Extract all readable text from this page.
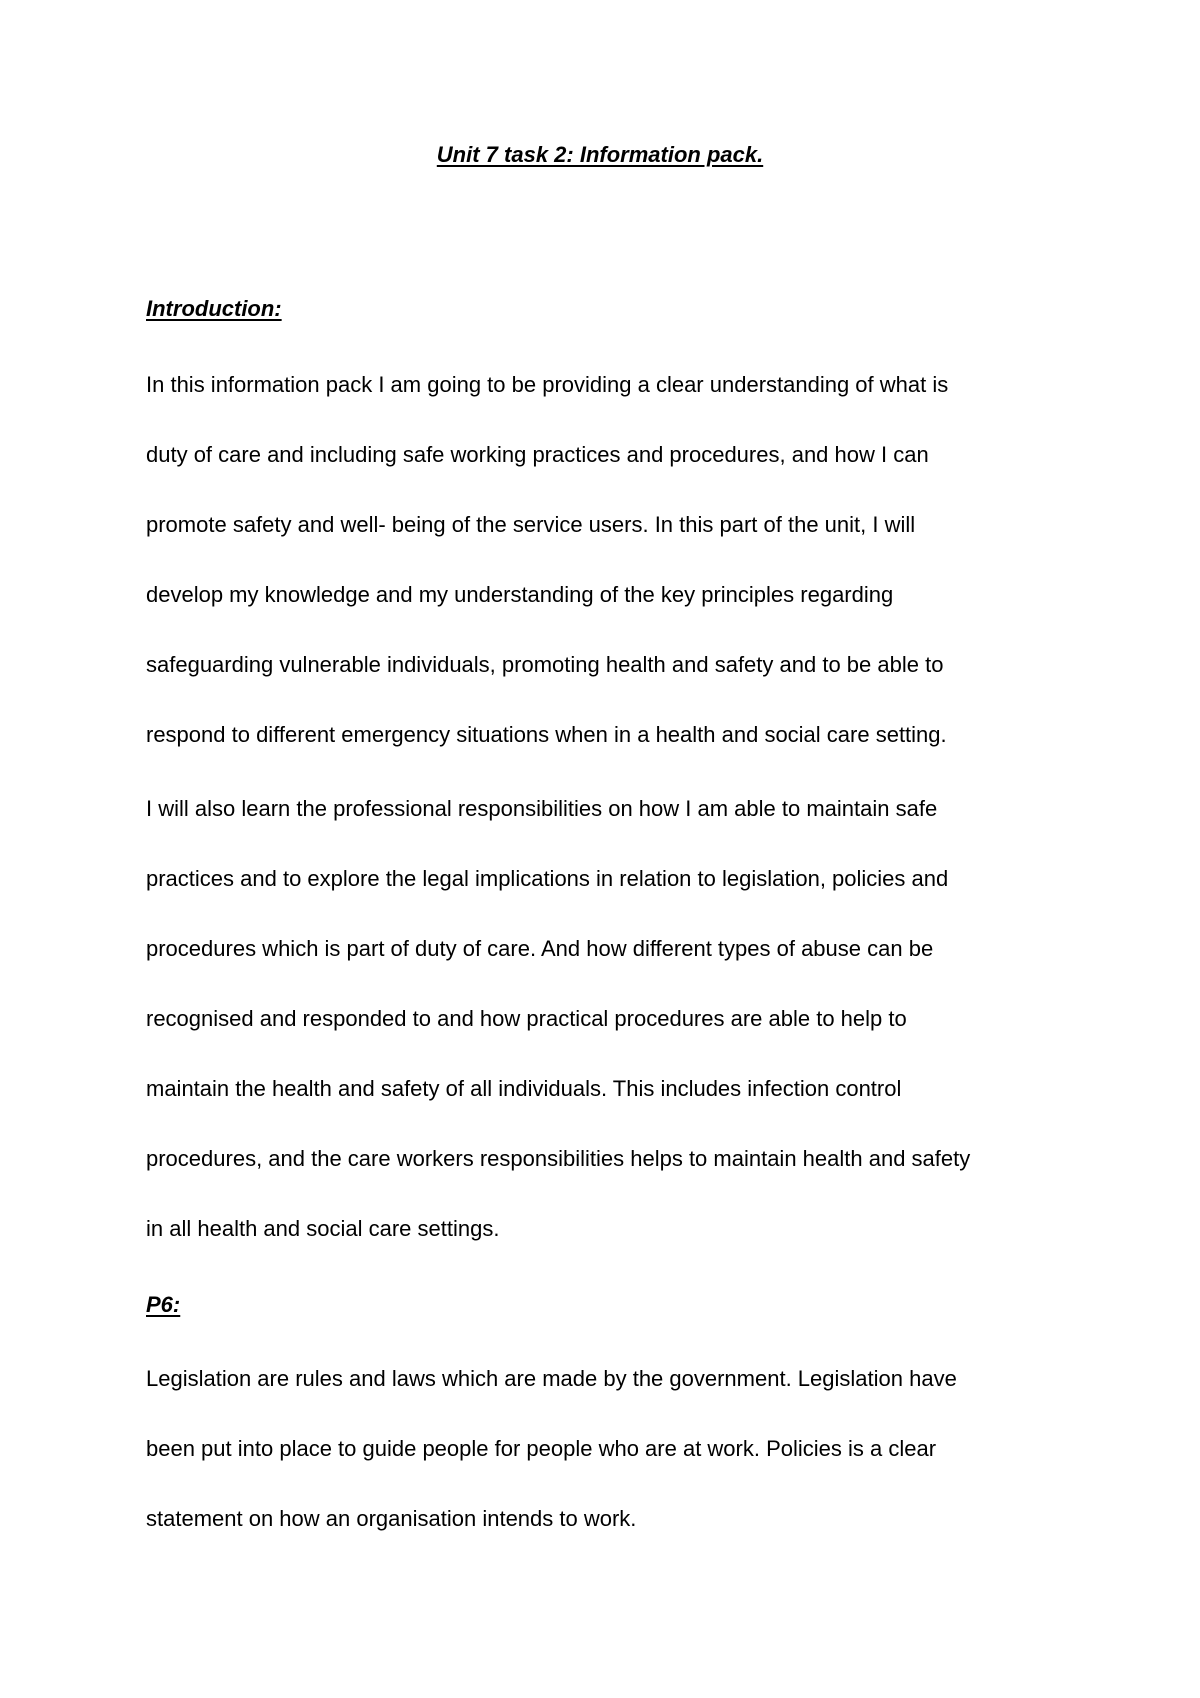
Unit 7 task 2: Information pack.
Introduction:

In this information pack I am going to be providing a clear understanding of what is

duty of care and including safe working practices and procedures, and how I can

promote safety and well- being of the service users. In this part of the unit, I will

develop my knowledge and my understanding of the key principles regarding

safeguarding vulnerable individuals, promoting health and safety and to be able to

respond to different emergency situations when in a health and social care setting.

I will also learn the professional responsibilities on how I am able to maintain safe

practices and to explore the legal implications in relation to legislation, policies and

procedures which is part of duty of care. And how different types of abuse can be

recognised and responded to and how practical procedures are able to help to

maintain the health and safety of all individuals. This includes infection control

procedures, and the care workers responsibilities helps to maintain health and safety

in all health and social care settings.

P6:

Legislation are rules and laws which are made by the government. Legislation have

been put into place to guide people for people who are at work. Policies is a clear

statement on how an organisation intends to work.
